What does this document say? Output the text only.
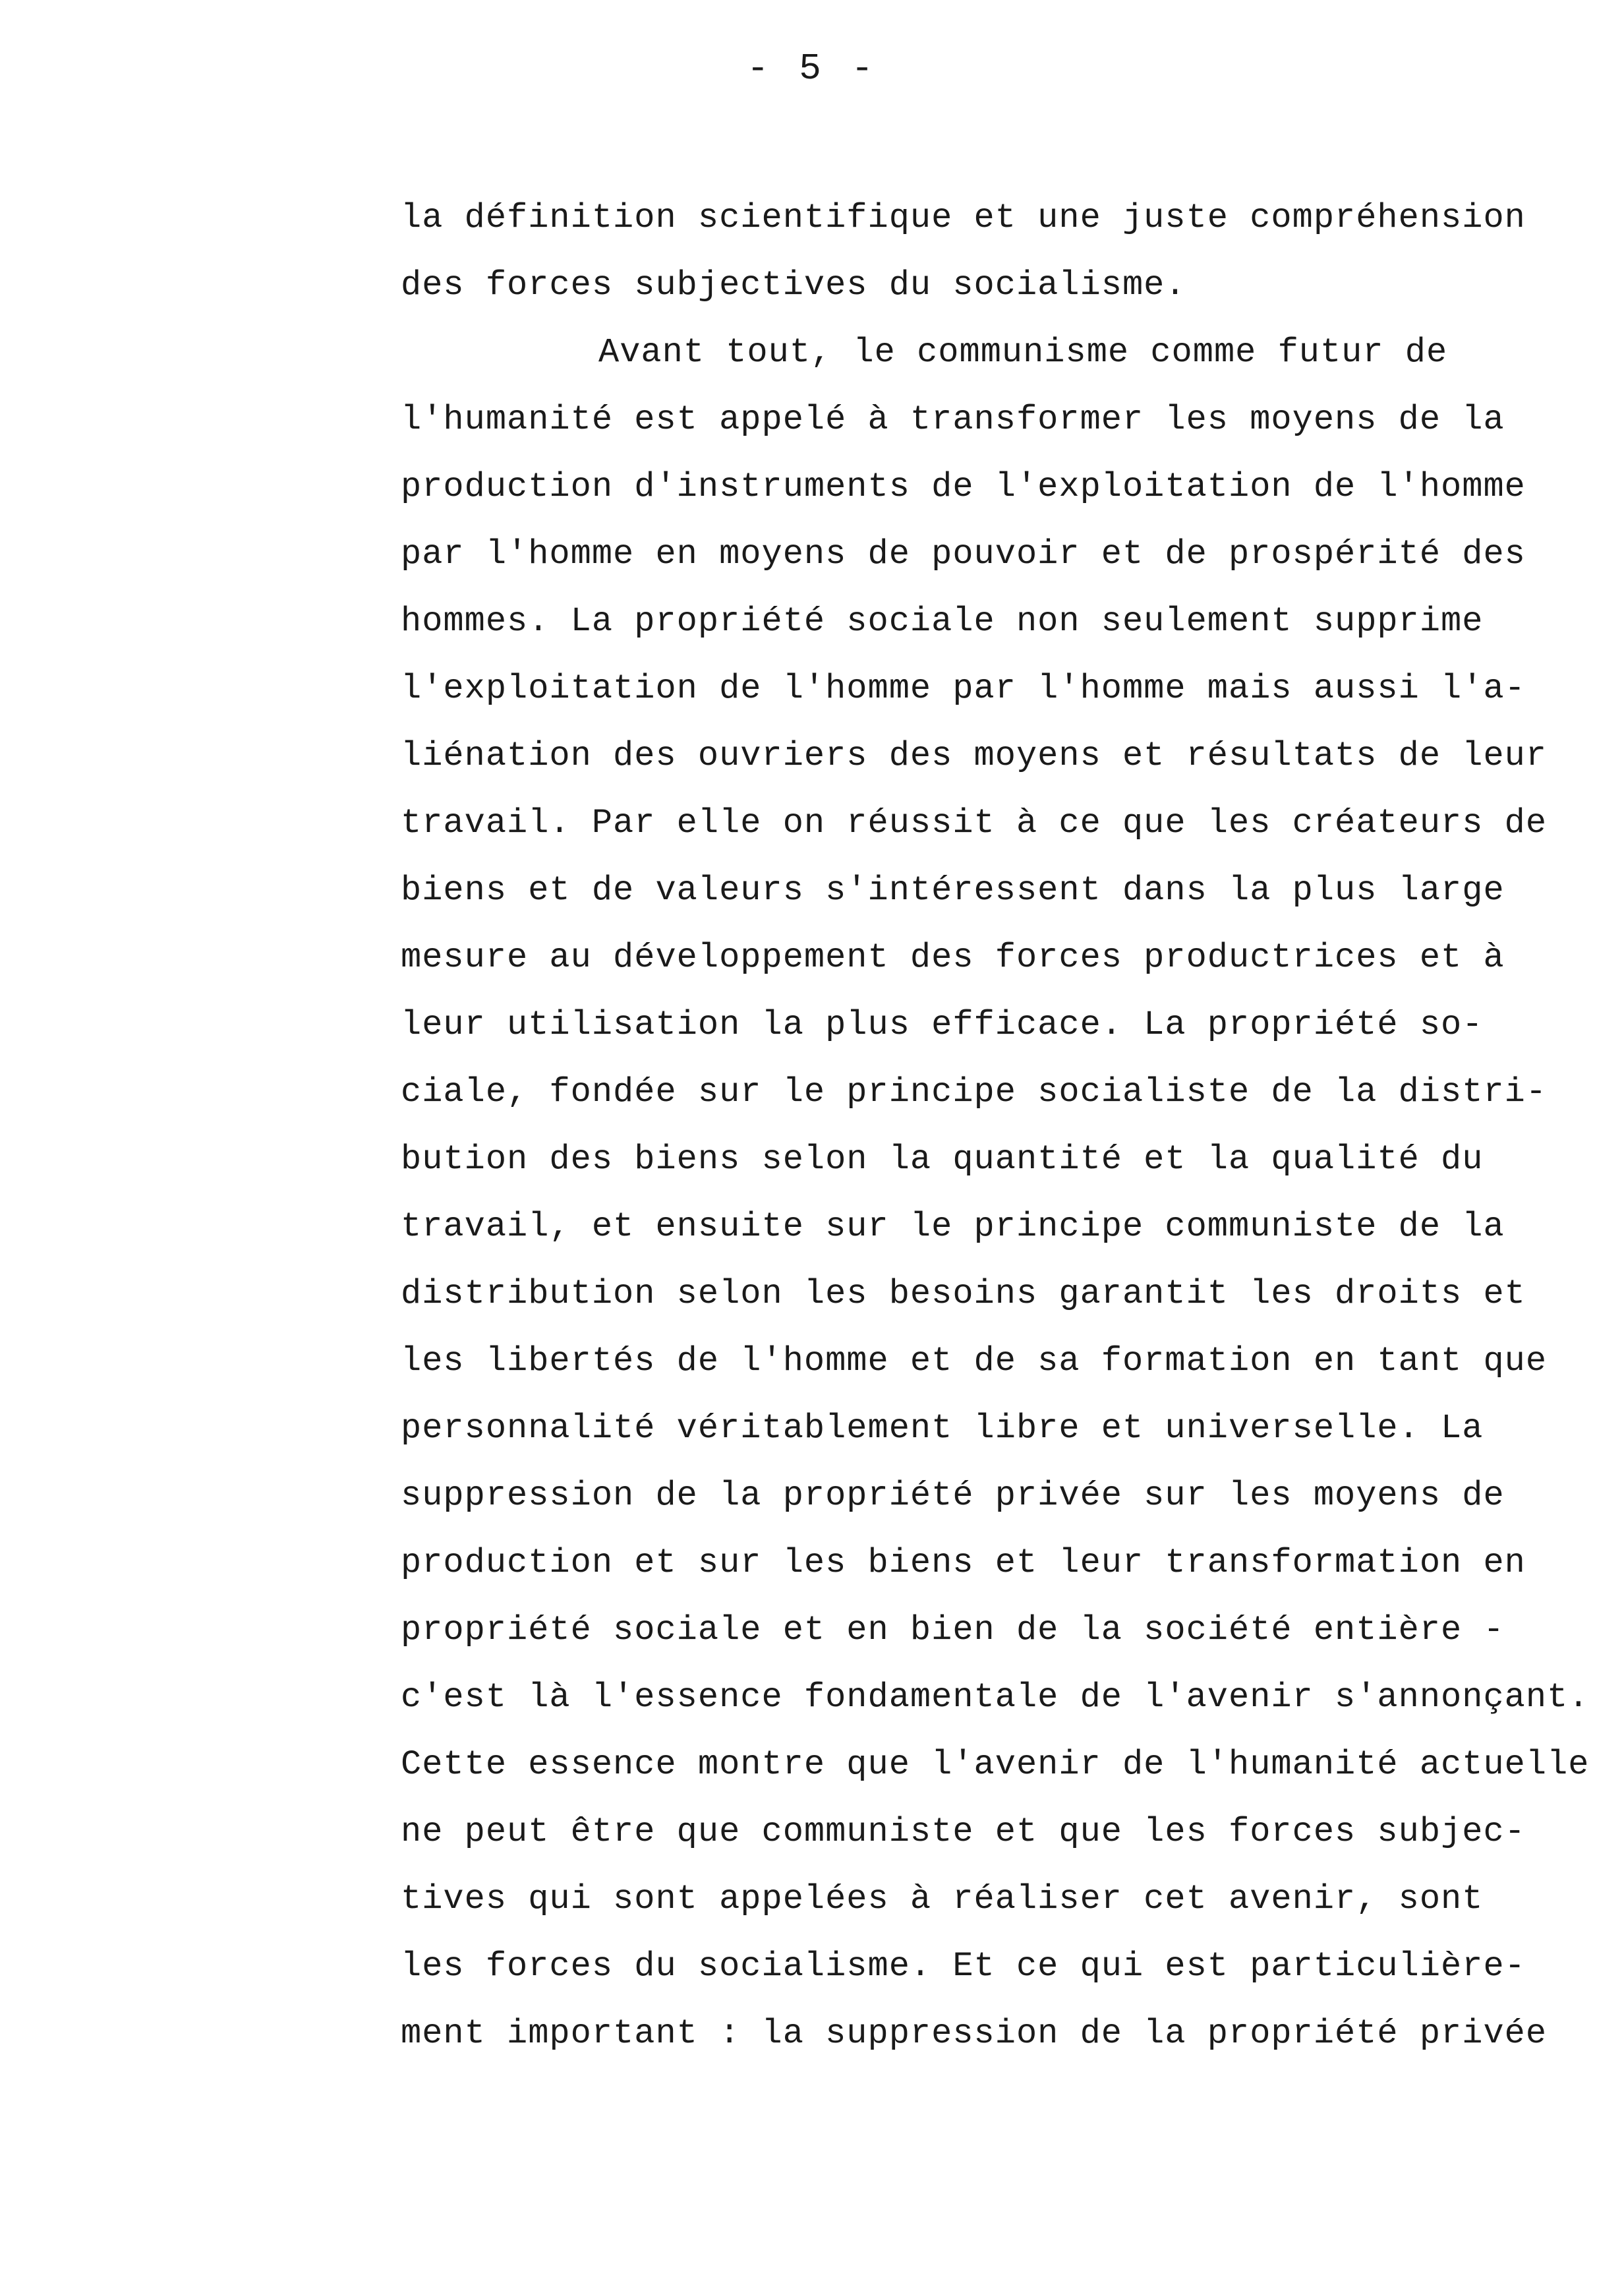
- 5 -
la définition scientifique et une juste compréhension
des forces subjectives du socialisme.
Avant tout, le communisme comme futur de
l'humanité est appelé à transformer les moyens de la
production d'instruments de l'exploitation de l'homme
par l'homme en moyens de pouvoir et de prospérité des
hommes. La propriété sociale non seulement supprime
l'exploitation de l'homme par l'homme mais aussi l'a-
liénation des ouvriers des moyens et résultats de leur
travail. Par elle on réussit à ce que les créateurs de
biens et de valeurs s'intéressent dans la plus large
mesure au développement des forces productrices et à
leur utilisation la plus efficace. La propriété so-
ciale, fondée sur le principe socialiste de la distri-
bution des biens selon la quantité et la qualité du
travail, et ensuite sur le principe communiste de la
distribution selon les besoins garantit les droits et
les libertés de l'homme et de sa formation en tant que
personnalité véritablement libre et universelle. La
suppression de la propriété privée sur les moyens de
production et sur les biens et leur transformation en
propriété sociale et en bien de la société entière -
c'est là l'essence fondamentale de l'avenir s'annonçant.
Cette essence montre que l'avenir de l'humanité actuelle
ne peut être que communiste et que les forces subjec-
tives qui sont appelées à réaliser cet avenir, sont
les forces du socialisme. Et ce qui est particulière-
ment important : la suppression de la propriété privée
